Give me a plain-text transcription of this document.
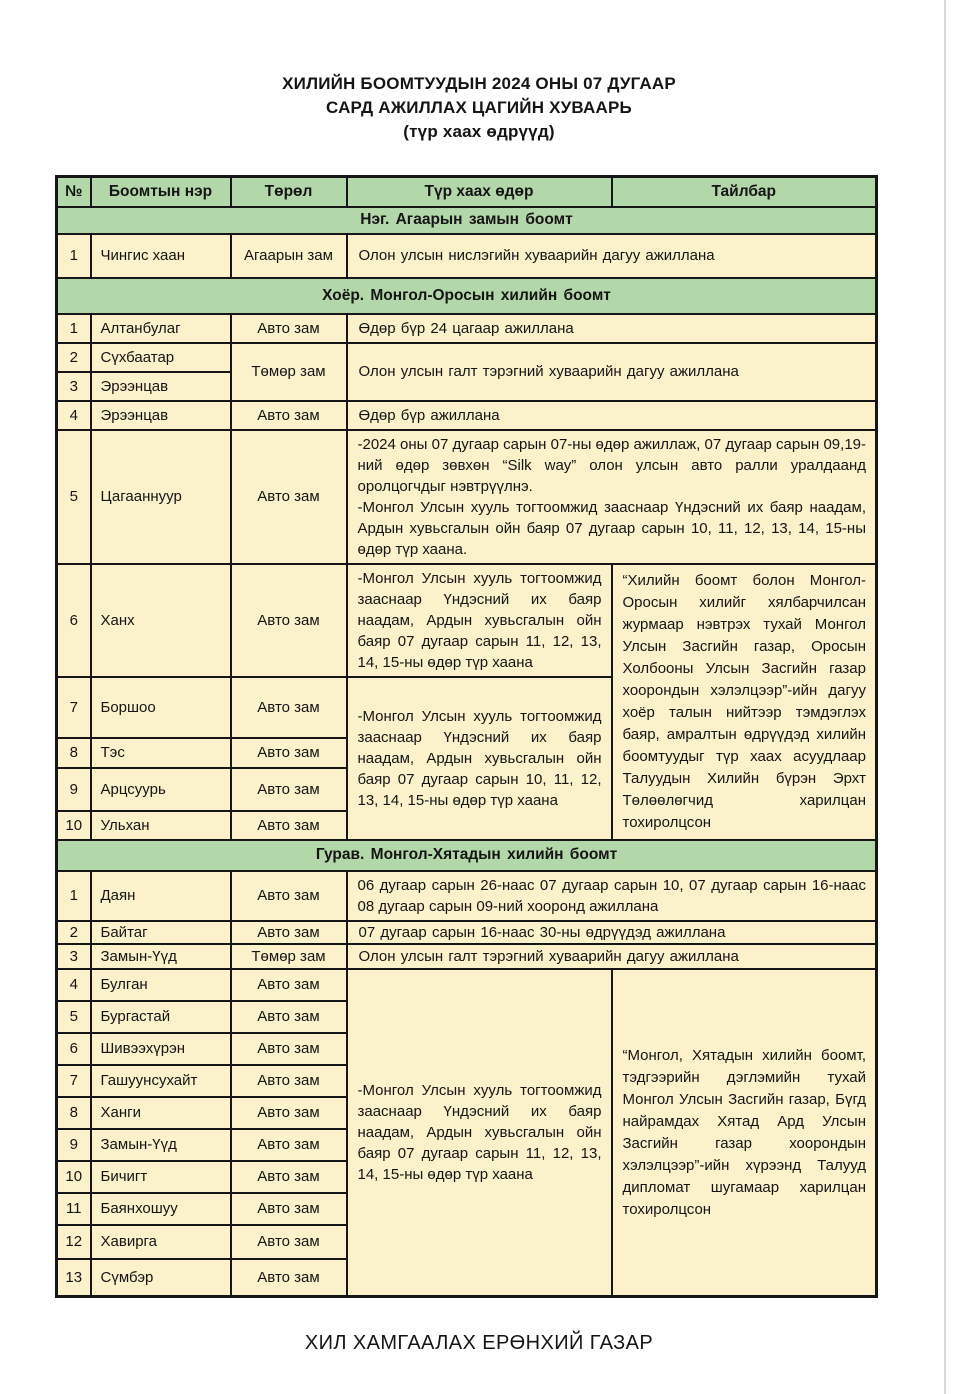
ХИЛИЙН БООМТУУДЫН 2024 ОНЫ 07 ДУГААР
САРД АЖИЛЛАХ ЦАГИЙН ХУВААРЬ
(түр хаах өдрүүд)
№	Боомтын нэр	Төрөл	Түр хаах өдөр	Тайлбар
Нэг. Агаарын замын боомт				
1	Чингис хаан	Агаарын зам	Олон улсын нислэгийн хуваарийн дагуу ажиллана	
Хоёр. Монгол-Оросын хилийн боомт				
1	Алтанбулаг	Авто зам	Өдөр бүр 24 цагаар ажиллана	
2	Сүхбаатар	Төмөр зам	Олон улсын галт тэрэгний хуваарийн дагуу ажиллана	
3	Эрээнцав			
4	Эрээнцав	Авто зам	Өдөр бүр ажиллана	
5	Цагааннуур	Авто зам	-2024 оны 07 дугаар сарын 07-ны өдөр ажиллаж, 07 дугаар сарын 09,19-ний өдөр зөвхөн “Silk way” олон улсын авто ралли уралдаанд оролцогчдыг нэвтрүүлнэ.
-Монгол Улсын хууль тогтоомжид зааснаар Үндэсний их баяр наадам, Ардын хувьсгалын ойн баяр 07 дугаар сарын 10, 11, 12, 13, 14, 15-ны өдөр түр хаана.	

6	Ханх	Авто зам	-Монгол Улсын хууль тогтоомжид зааснаар Үндэсний их баяр наадам, Ардын хувьсгалын ойн баяр 07 дугаар сарын 11, 12, 13, 14, 15-ны өдөр түр хаана	“Хилийн боомт болон Монгол-Оросын хилийг хялбарчилсан журмаар нэвтрэх тухай Монгол Улсын Засгийн газар, Оросын Холбооны Улсын Засгийн газар хоорондын хэлэлцээр”-ийн дагуу хоёр талын нийтээр тэмдэглэх баяр, амралтын өдрүүдэд хилийн боомтуудыг түр хаах асуудлаар Талуудын Хилийн бүрэн Эрхт Төлөөлөгчид харилцан тохиролцсон
7	Боршоо	Авто зам	-Монгол Улсын хууль тогтоомжид зааснаар Үндэсний их баяр наадам, Ардын хувьсгалын ойн баяр 07 дугаар сарын 10, 11, 12, 13, 14, 15-ны өдөр түр хаана	
8	Тэс	Авто зам		
9	Арцсуурь	Авто зам		
10	Ульхан	Авто зам		
Гурав. Монгол-Хятадын хилийн боомт				
1	Даян	Авто зам	06 дугаар сарын 26-наас 07 дугаар сарын 10, 07 дугаар сарын 16-наас 08 дугаар сарын 09-ний хооронд ажиллана	
2	Байтаг	Авто зам	07 дугаар сарын 16-наас 30-ны өдрүүдэд ажиллана	
3	Замын-Үүд	Төмөр зам	Олон улсын галт тэрэгний хуваарийн дагуу ажиллана	
4	Булган	Авто зам	-Монгол Улсын хууль тогтоомжид зааснаар Үндэсний их баяр наадам, Ардын хувьсгалын ойн баяр 07 дугаар сарын 11, 12, 13, 14, 15-ны өдөр түр хаана	“Монгол, Хятадын хилийн боомт, тэдгээрийн дэглэмийн тухай Монгол Улсын Засгийн газар, Бүгд найрамдах Хятад Ард Улсын Засгийн газар хоорондын хэлэлцээр”-ийн хүрээнд Талууд дипломат шугамаар харилцан тохиролцсон
5	Бургастай	Авто зам		
6	Шивээхүрэн	Авто зам		
7	Гашуунсухайт	Авто зам		
8	Ханги	Авто зам		
9	Замын-Үүд	Авто зам		
10	Бичигт	Авто зам		
11	Баянхошуу	Авто зам		
12	Хавирга	Авто зам		
13	Сүмбэр	Авто зам		
ХИЛ ХАМГААЛАХ ЕРӨНХИЙ ГАЗАР
